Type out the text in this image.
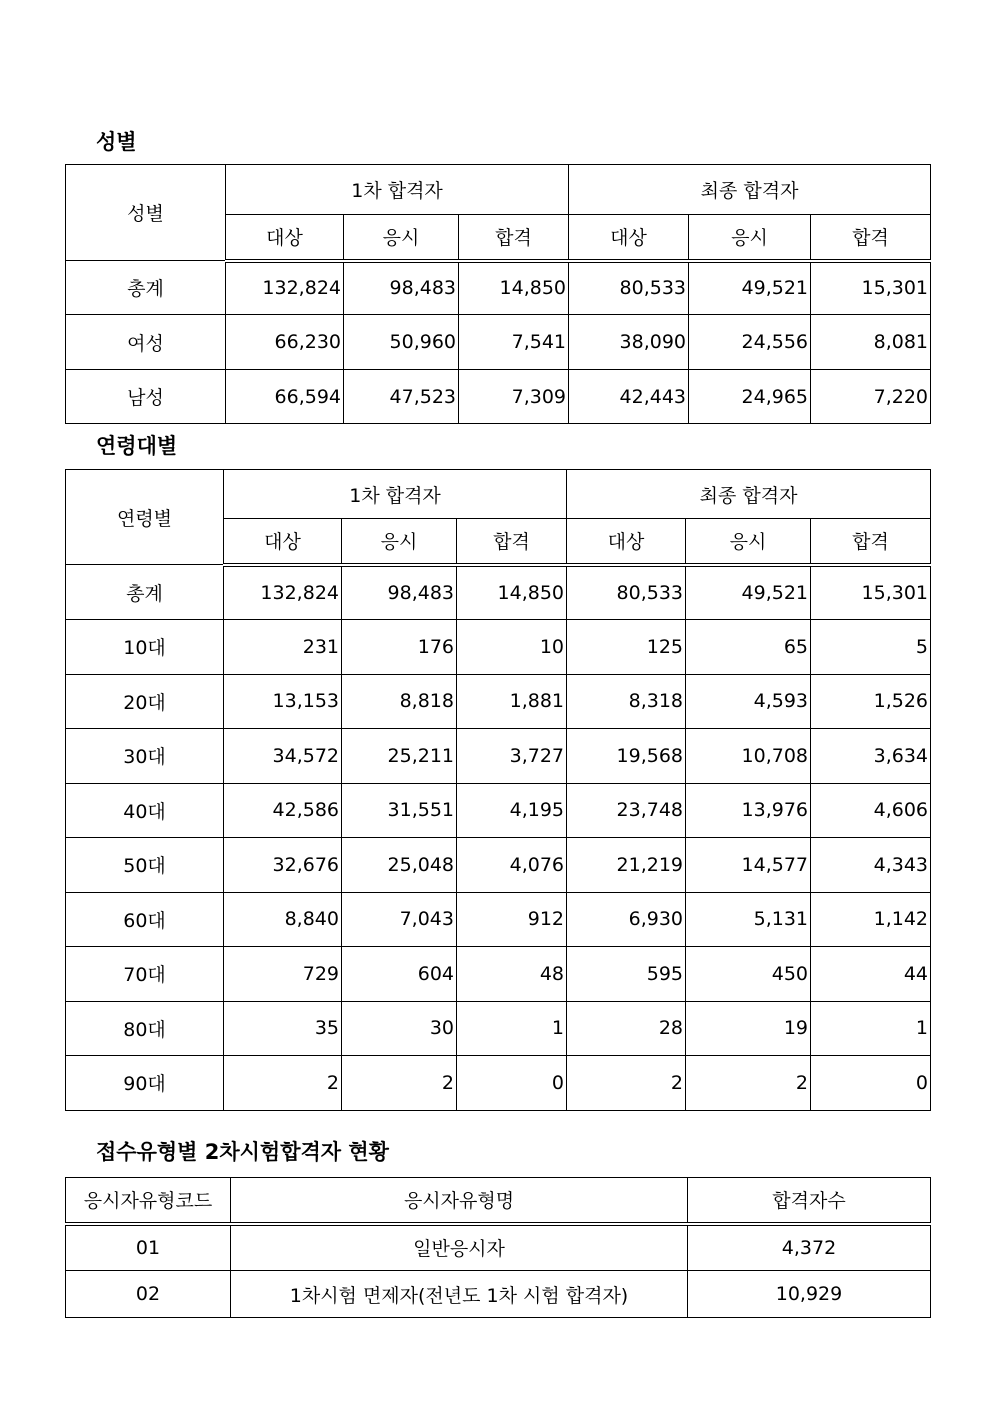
성별
성별	1차 합격자			최종 합격자		
	대상	응시	합격	대상	응시	합격
총계	132,824	98,483	14,850	80,533	49,521	15,301
여성	66,230	50,960	7,541	38,090	24,556	8,081
남성	66,594	47,523	7,309	42,443	24,965	7,220
연령대별
연령별	1차 합격자			최종 합격자		
	대상	응시	합격	대상	응시	합격
총계	132,824	98,483	14,850	80,533	49,521	15,301
10대	231	176	10	125	65	5
20대	13,153	8,818	1,881	8,318	4,593	1,526
30대	34,572	25,211	3,727	19,568	10,708	3,634
40대	42,586	31,551	4,195	23,748	13,976	4,606
50대	32,676	25,048	4,076	21,219	14,577	4,343
60대	8,840	7,043	912	6,930	5,131	1,142
70대	729	604	48	595	450	44
80대	35	30	1	28	19	1
90대	2	2	0	2	2	0
접수유형별 2차시험합격자 현황
응시자유형코드	응시자유형명	합격자수
01	일반응시자	4,372
02	1차시험 면제자(전년도 1차 시험 합격자)	10,929
